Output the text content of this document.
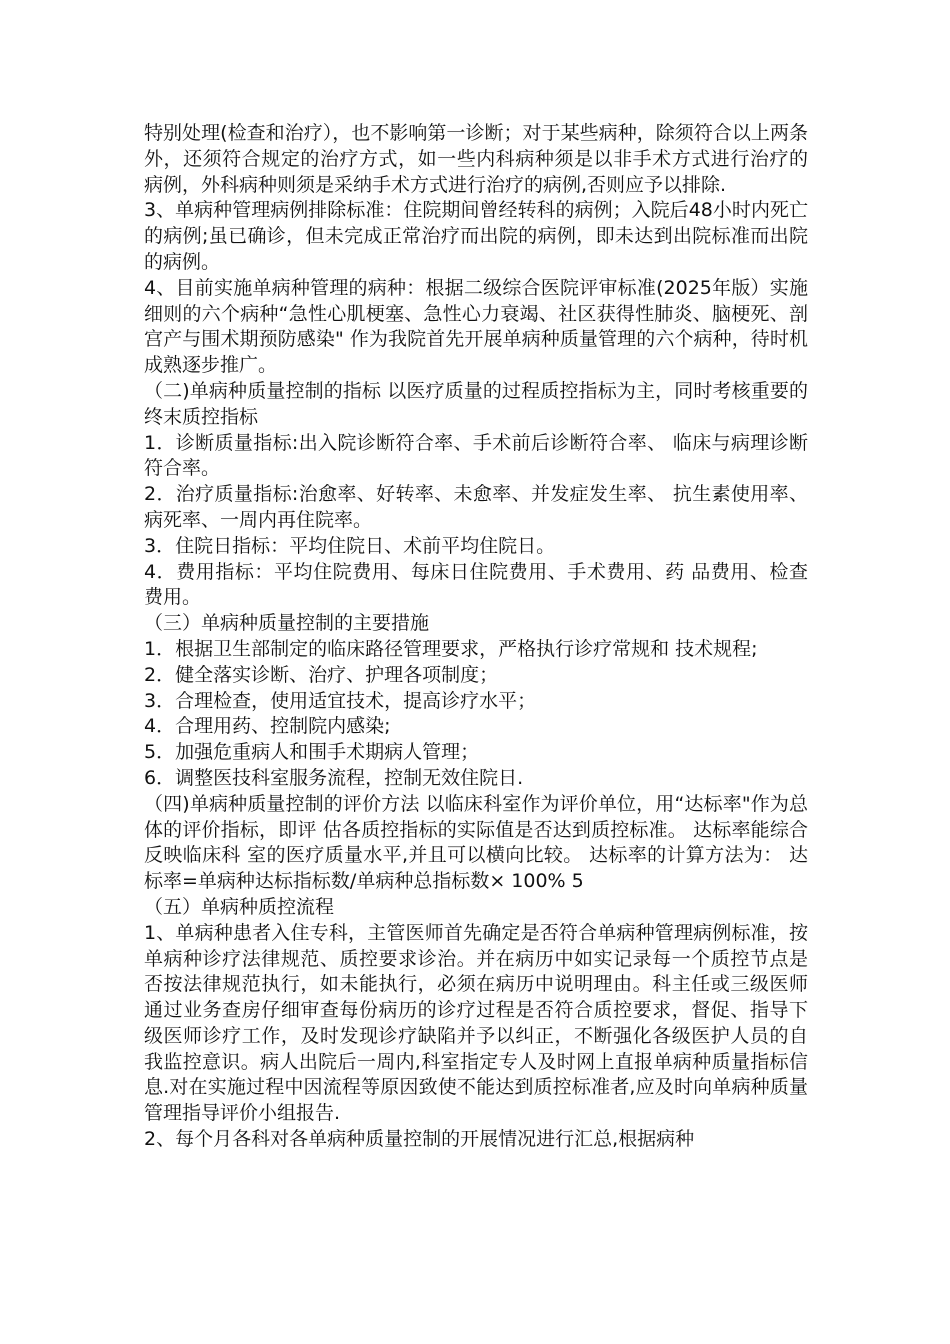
特别处理(检查和治疗），也不影响第一诊断；对于某些病种，除须符合以上两条外，还须符合规定的治疗方式，如一些内科病种须是以非手术方式进行治疗的病例，外科病种则须是采纳手术方式进行治疗的病例,否则应予以排除.

3、单病种管理病例排除标准：住院期间曾经转科的病例；入院后48小时内死亡的病例;虽已确诊，但未完成正常治疗而出院的病例，即未达到出院标准而出院的病例。

4、目前实施单病种管理的病种：根据二级综合医院评审标准(2025年版）实施细则的六个病种“急性心肌梗塞、急性心力衰竭、社区获得性肺炎、脑梗死、剖宫产与围术期预防感染" 作为我院首先开展单病种质量管理的六个病种，待时机成熟逐步推广。

（二)单病种质量控制的指标 以医疗质量的过程质控指标为主，同时考核重要的终末质控指标

1．诊断质量指标:出入院诊断符合率、手术前后诊断符合率、 临床与病理诊断符合率。

2．治疗质量指标:治愈率、好转率、未愈率、并发症发生率、 抗生素使用率、病死率、一周内再住院率。

3．住院日指标：平均住院日、术前平均住院日。

4．费用指标：平均住院费用、每床日住院费用、手术费用、药 品费用、检查费用。

（三）单病种质量控制的主要措施

1．根据卫生部制定的临床路径管理要求，严格执行诊疗常规和 技术规程;

2．健全落实诊断、治疗、护理各项制度；

3．合理检查，使用适宜技术，提高诊疗水平；

4．合理用药、控制院内感染;

5．加强危重病人和围手术期病人管理；

6．调整医技科室服务流程，控制无效住院日.

（四)单病种质量控制的评价方法 以临床科室作为评价单位，用“达标率"作为总体的评价指标，即评 估各质控指标的实际值是否达到质控标准。 达标率能综合反映临床科 室的医疗质量水平,并且可以横向比较。 达标率的计算方法为： 达标率=单病种达标指标数/单病种总指标数× 100% 5

（五）单病种质控流程

1、单病种患者入住专科，主管医师首先确定是否符合单病种管理病例标准，按单病种诊疗法律规范、质控要求诊治。并在病历中如实记录每一个质控节点是否按法律规范执行，如未能执行，必须在病历中说明理由。科主任或三级医师通过业务查房仔细审查每份病历的诊疗过程是否符合质控要求，督促、指导下级医师诊疗工作，及时发现诊疗缺陷并予以纠正，不断强化各级医护人员的自我监控意识。病人出院后一周内,科室指定专人及时网上直报单病种质量指标信息.对在实施过程中因流程等原因致使不能达到质控标准者,应及时向单病种质量管理指导评价小组报告.

2、每个月各科对各单病种质量控制的开展情况进行汇总,根据病种
